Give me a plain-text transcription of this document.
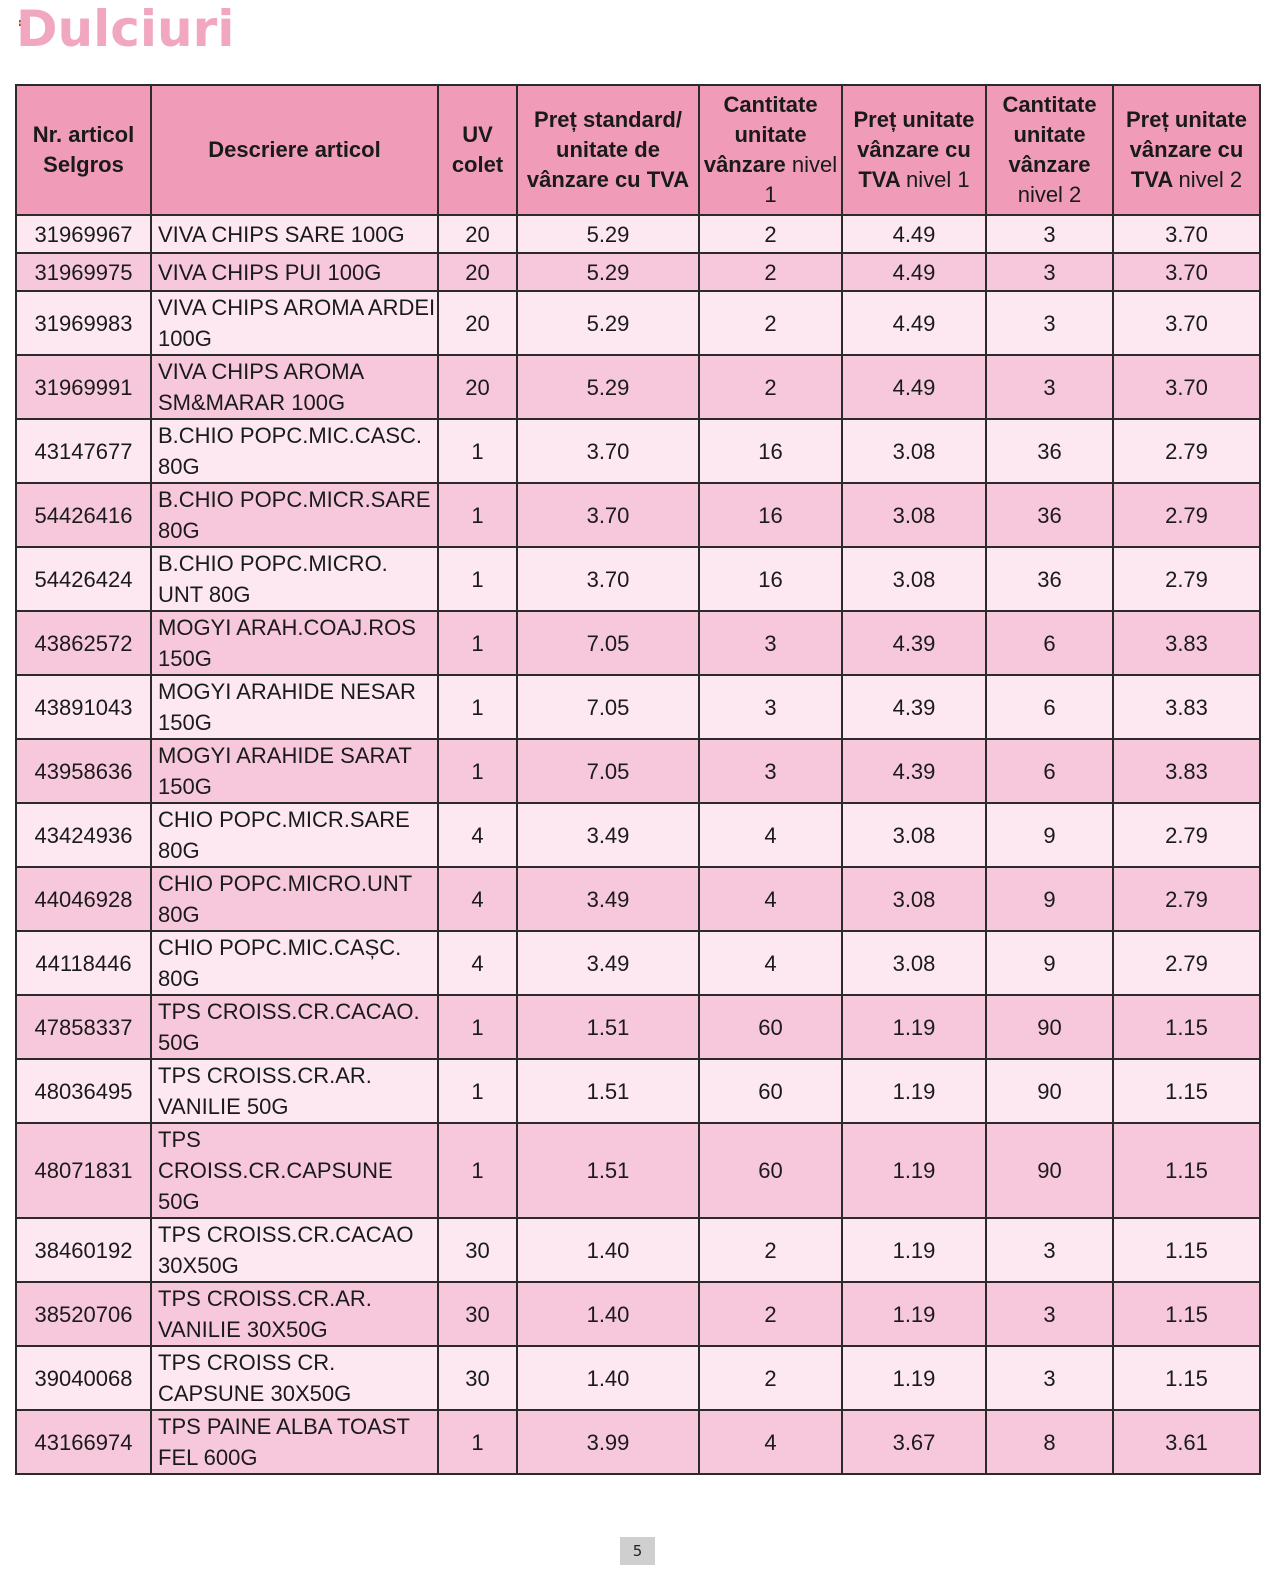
Dulciuri
Nr. articol Selgros	Descriere articol	UV colet	Preț standard/ unitate de vânzare cu TVA	Cantitate unitate vânzare nivel 1	Preț unitate vânzare cu TVA nivel 1	Cantitate unitate vânzare nivel 2	Preț unitate vânzare cu TVA nivel 2
31969967	VIVA CHIPS SARE 100G	20	5.29	2	4.49	3	3.70
31969975	VIVA CHIPS PUI 100G	20	5.29	2	4.49	3	3.70
31969983	VIVA CHIPS AROMA ARDEI 100G	20	5.29	2	4.49	3	3.70
31969991	VIVA CHIPS AROMA SM&MARAR 100G	20	5.29	2	4.49	3	3.70
43147677	B.CHIO POPC.MIC.CASC. 80G	1	3.70	16	3.08	36	2.79
54426416	B.CHIO POPC.MICR.SARE 80G	1	3.70	16	3.08	36	2.79
54426424	B.CHIO POPC.MICRO. UNT 80G	1	3.70	16	3.08	36	2.79
43862572	MOGYI ARAH.COAJ.ROS 150G	1	7.05	3	4.39	6	3.83
43891043	MOGYI ARAHIDE NESAR 150G	1	7.05	3	4.39	6	3.83
43958636	MOGYI ARAHIDE SARAT 150G	1	7.05	3	4.39	6	3.83
43424936	CHIO POPC.MICR.SARE 80G	4	3.49	4	3.08	9	2.79
44046928	CHIO POPC.MICRO.UNT 80G	4	3.49	4	3.08	9	2.79
44118446	CHIO POPC.MIC.CAȘC. 80G	4	3.49	4	3.08	9	2.79
47858337	TPS CROISS.CR.CACAO. 50G	1	1.51	60	1.19	90	1.15
48036495	TPS CROISS.CR.AR. VANILIE 50G	1	1.51	60	1.19	90	1.15
48071831	TPS CROISS.CR.CAPSUNE 50G	1	1.51	60	1.19	90	1.15
38460192	TPS CROISS.CR.CACAO 30X50G	30	1.40	2	1.19	3	1.15
38520706	TPS CROISS.CR.AR. VANILIE 30X50G	30	1.40	2	1.19	3	1.15
39040068	TPS CROISS CR. CAPSUNE 30X50G	30	1.40	2	1.19	3	1.15
43166974	TPS PAINE ALBA TOAST FEL 600G	1	3.99	4	3.67	8	3.61
5
